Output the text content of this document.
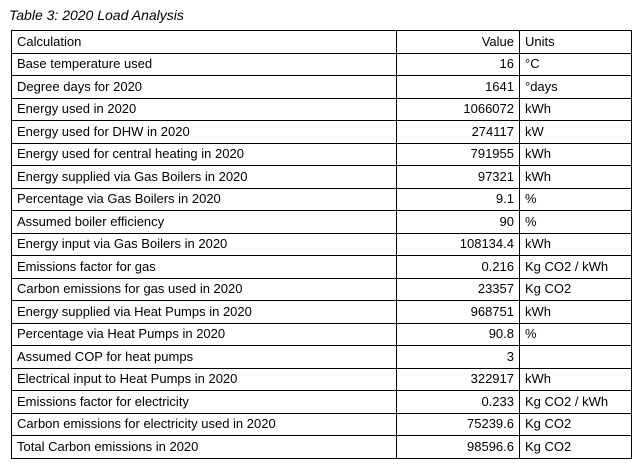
Table 3: 2020 Load Analysis
Calculation	Value	Units
Base temperature used	16	°C
Degree days for 2020	1641	°days
Energy used in 2020	1066072	kWh
Energy used for DHW in 2020	274117	kW
Energy used for central heating in 2020	791955	kWh
Energy supplied via Gas Boilers in 2020	97321	kWh
Percentage via Gas Boilers in 2020	9.1	%
Assumed boiler efficiency	90	%
Energy input via Gas Boilers in 2020	108134.4	kWh
Emissions factor for gas	0.216	Kg CO2 / kWh
Carbon emissions for gas used in 2020	23357	Kg CO2
Energy supplied via Heat Pumps in 2020	968751	kWh
Percentage via Heat Pumps in 2020	90.8	%
Assumed COP for heat pumps	3	
Electrical input to Heat Pumps in 2020	322917	kWh
Emissions factor for electricity	0.233	Kg CO2 / kWh
Carbon emissions for electricity used in 2020	75239.6	Kg CO2
Total Carbon emissions in 2020	98596.6	Kg CO2
